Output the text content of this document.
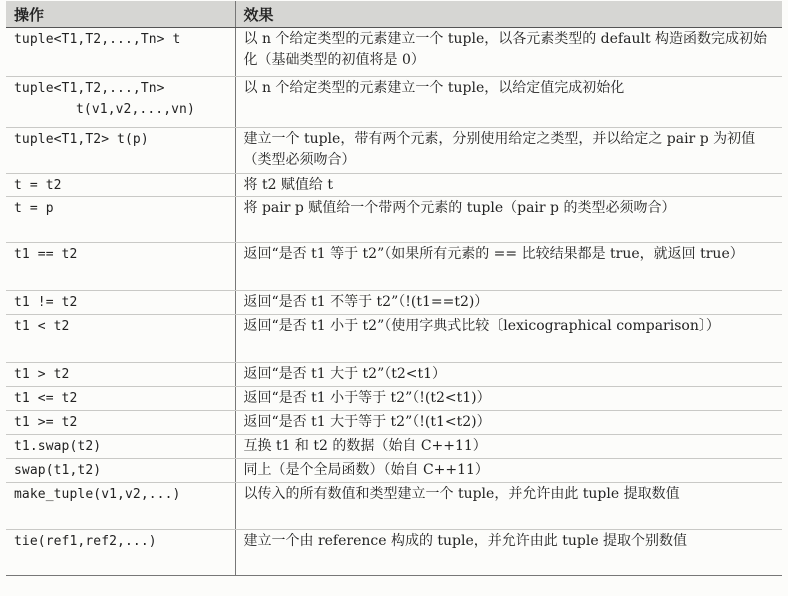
操作	效果
tuple<T1,T2,...,Tn> t	以 n 个给定类型的元素建立一个 tuple，以各元素类型的 default 构造函数完成初始化（基础类型的初值将是 0）
tuple<T1,T2,...,Tn>
t(v1,v2,...,vn)	以 n 个给定类型的元素建立一个 tuple，以给定值完成初始化
tuple<T1,T2> t(p)	建立一个 tuple，带有两个元素，分别使用给定之类型，并以给定之 pair p 为初值（类型必须吻合）
t = t2	将 t2 赋值给 t
t = p	将 pair p 赋值给一个带两个元素的 tuple（pair p 的类型必须吻合）
t1 == t2	返回“是否 t1 等于 t2”（如果所有元素的 == 比较结果都是 true，就返回 true）
t1 != t2	返回“是否 t1 不等于 t2”（!(t1==t2)）
t1 < t2	返回“是否 t1 小于 t2”（使用字典式比较〔lexicographical comparison〕）
t1 > t2	返回“是否 t1 大于 t2”（t2<t1）
t1 <= t2	返回“是否 t1 小于等于 t2”（!(t2<t1)）
t1 >= t2	返回“是否 t1 大于等于 t2”（!(t1<t2)）
t1.swap(t2)	互换 t1 和 t2 的数据（始自 C++11）
swap(t1,t2)	同上（是个全局函数）（始自 C++11）
make_tuple(v1,v2,...)	以传入的所有数值和类型建立一个 tuple，并允许由此 tuple 提取数值
tie(ref1,ref2,...)	建立一个由 reference 构成的 tuple，并允许由此 tuple 提取个别数值
